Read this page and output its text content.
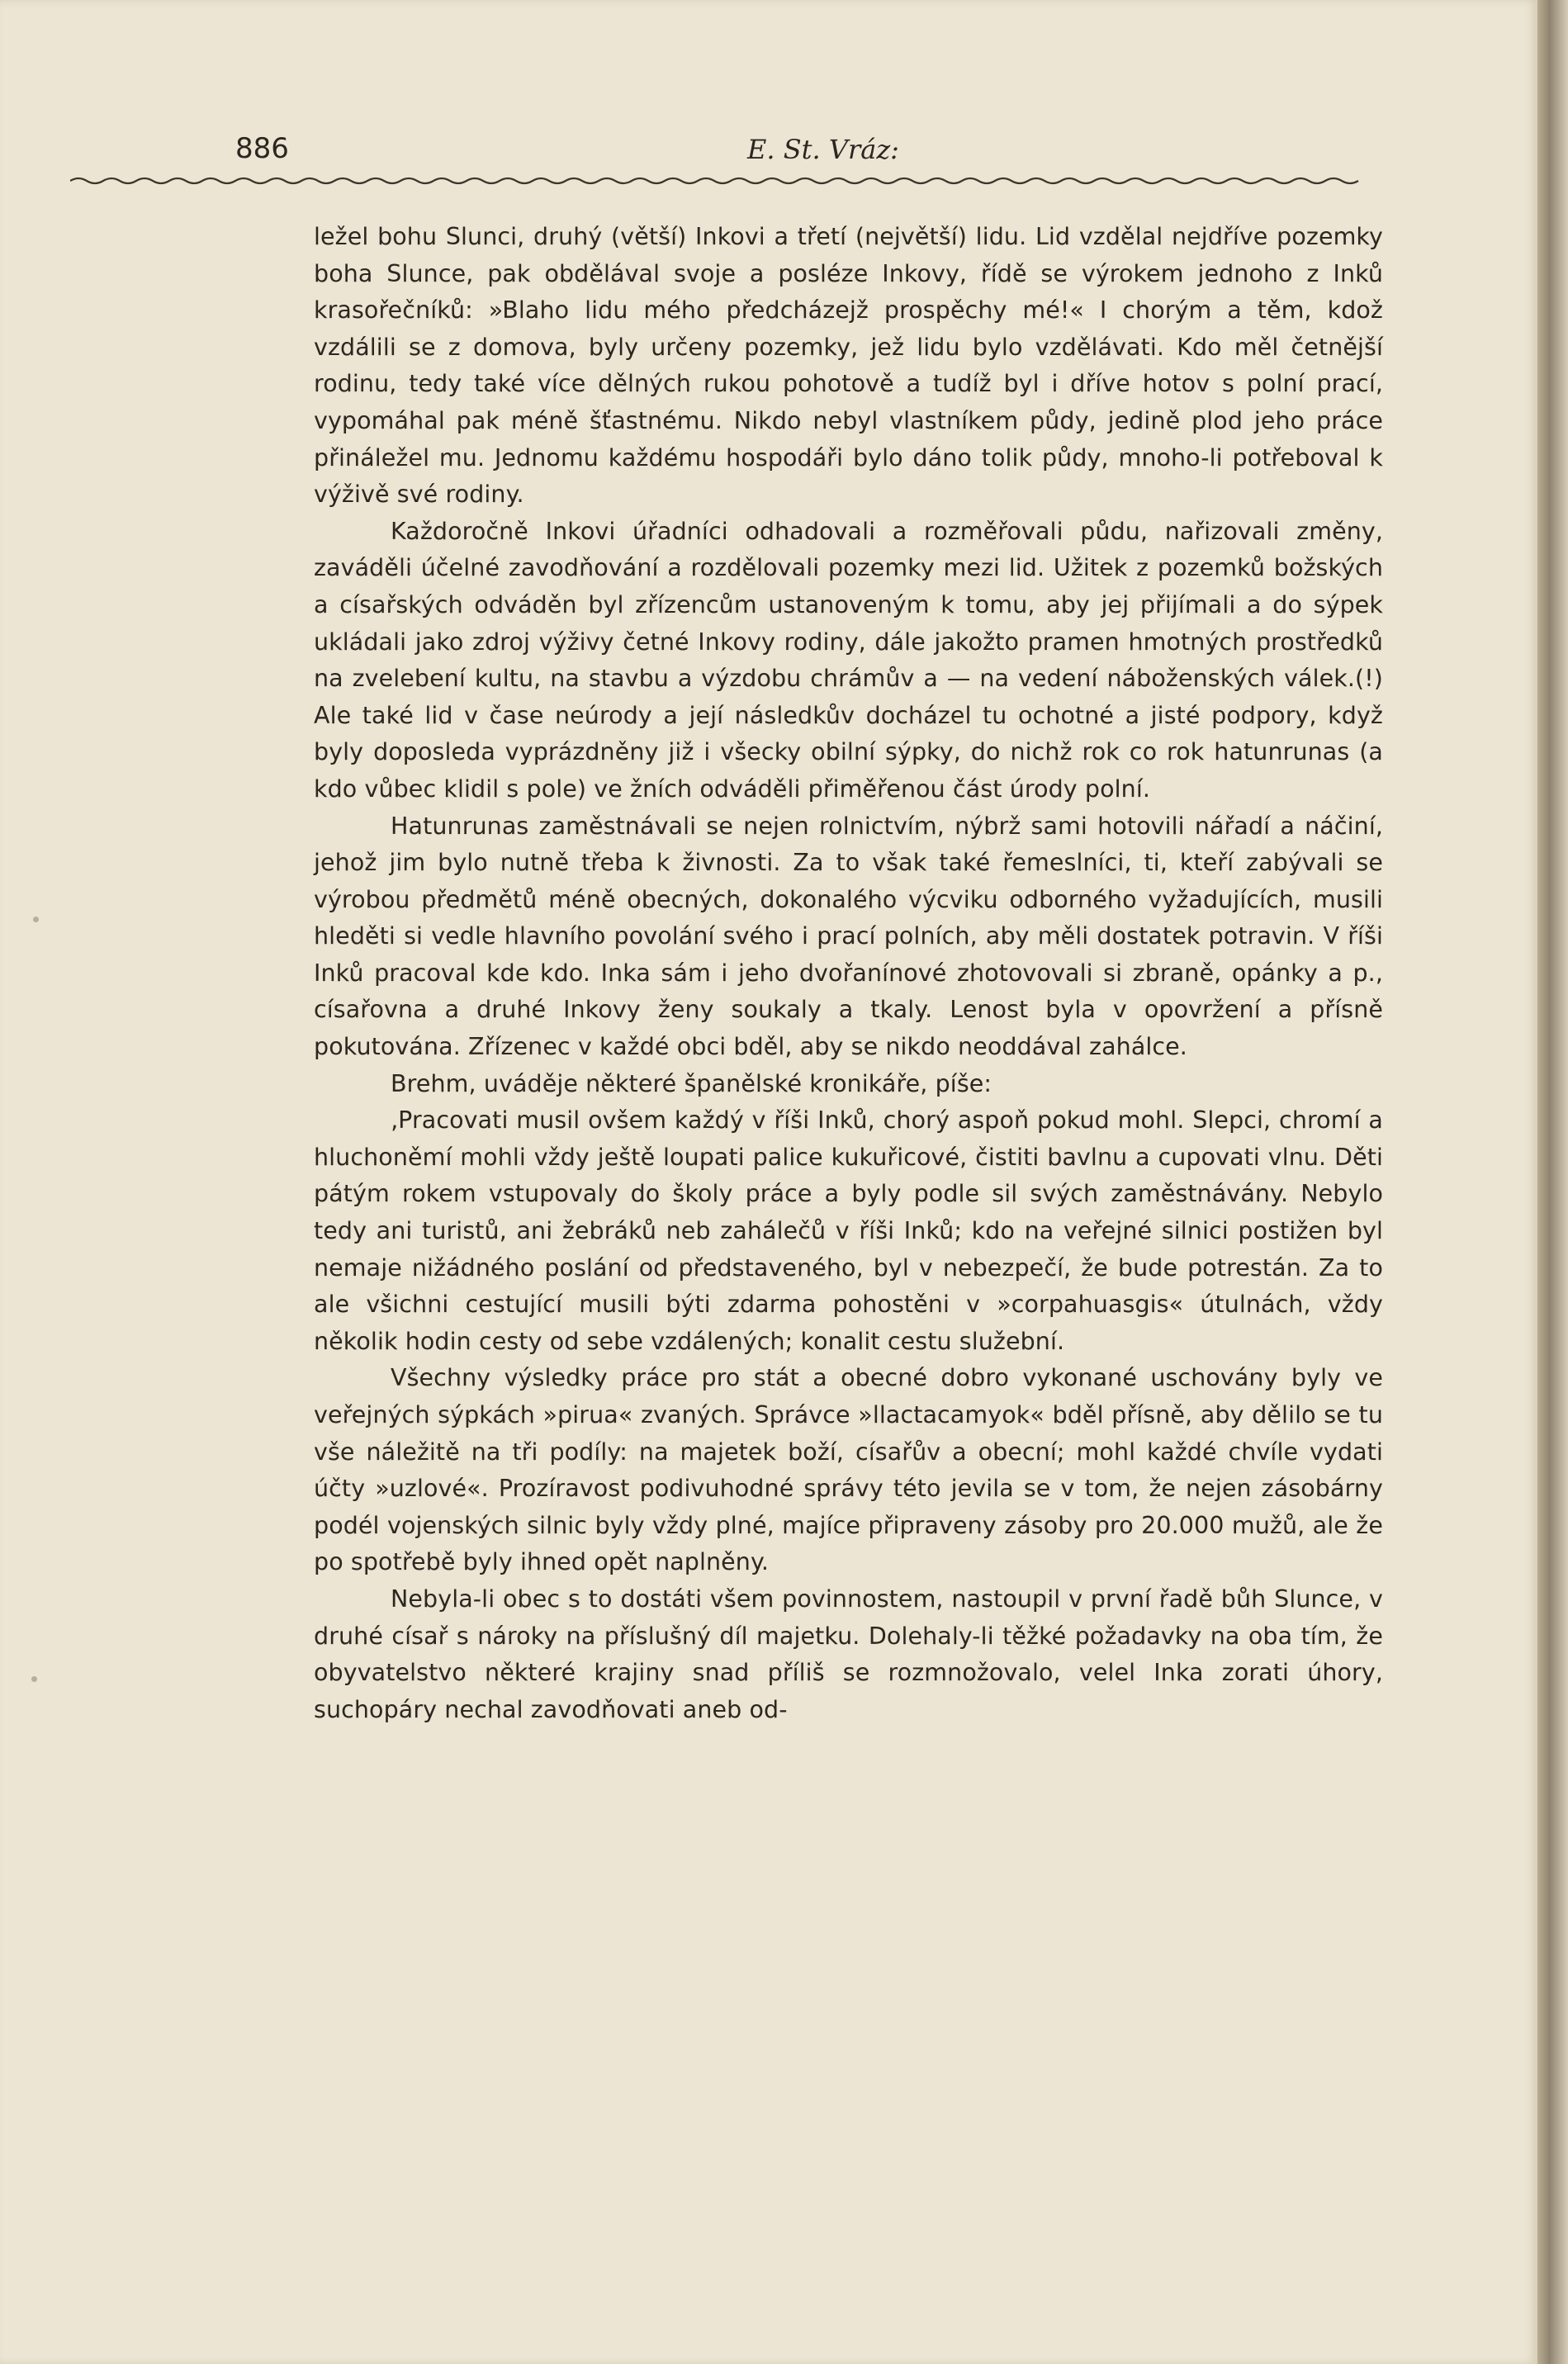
886	E. St. Vráz:

ležel bohu Slunci, druhý (větší) Inkovi a třetí (největší) lidu. Lid vzdělal nejdříve pozemky boha Slunce, pak obdělával svoje a posléze Inkovy, řídě se výrokem jednoho z Inků krasořečníků: »Blaho lidu mého předcházejž prospěchy mé!« I chorým a těm, kdož vzdálili se z domova, byly určeny pozemky, jež lidu bylo vzdělávati. Kdo měl četnější rodinu, tedy také více dělných rukou pohotově a tudíž byl i dříve hotov s polní prací, vypomáhal pak méně šťastnému. Nikdo nebyl vlastníkem půdy, jedině plod jeho práce přináležel mu. Jednomu každému hospodáři bylo dáno tolik půdy, mnoho-li potřeboval k výživě své rodiny.

Každoročně Inkovi úřadníci odhadovali a rozměřovali půdu, nařizovali změny, zaváděli účelné zavodňování a rozdělovali pozemky mezi lid. Užitek z pozemků božských a císařských odváděn byl zřízencům ustanoveným k tomu, aby jej přijímali a do sýpek ukládali jako zdroj výživy četné Inkovy rodiny, dále jakožto pramen hmotných prostředků na zvelebení kultu, na stavbu a výzdobu chrámův a — na vedení náboženských válek.(!) Ale také lid v čase neúrody a její následkův docházel tu ochotné a jisté podpory, když byly doposleda vyprázdněny již i všecky obilní sýpky, do nichž rok co rok hatunrunas (a kdo vůbec klidil s pole) ve žních odváděli přiměřenou část úrody polní.

Hatunrunas zaměstnávali se nejen rolnictvím, nýbrž sami hotovili nářadí a náčiní, jehož jim bylo nutně třeba k živnosti. Za to však také řemeslníci, ti, kteří zabývali se výrobou předmětů méně obecných, dokonalého výcviku odborného vyžadujících, musili hleděti si vedle hlavního povolání svého i prací polních, aby měli dostatek potravin. V říši Inků pracoval kde kdo. Inka sám i jeho dvořanínové zhotovovali si zbraně, opánky a p., císařovna a druhé Inkovy ženy soukaly a tkaly. Lenost byla v opovržení a přísně pokutována. Zřízenec v každé obci bděl, aby se nikdo neoddával zahálce.

Brehm, uváděje některé španělské kronikáře, píše:

‚Pracovati musil ovšem každý v říši Inků, chorý aspoň pokud mohl. Slepci, chromí a hluchoněmí mohli vždy ještě loupati palice kukuřicové, čistiti bavlnu a cupovati vlnu. Děti pátým rokem vstupovaly do školy práce a byly podle sil svých zaměstnávány. Nebylo tedy ani turistů, ani žebráků neb zahálečů v říši Inků; kdo na veřejné silnici postižen byl nemaje nižádného poslání od představeného, byl v nebezpečí, že bude potrestán. Za to ale všichni cestující musili býti zdarma pohostěni v »corpahuasgis« útulnách, vždy několik hodin cesty od sebe vzdálených; konalit cestu služební.

Všechny výsledky práce pro stát a obecné dobro vykonané uschovány byly ve veřejných sýpkách »pirua« zvaných. Správce »llactacamyok« bděl přísně, aby dělilo se tu vše náležitě na tři podíly: na majetek boží, císařův a obecní; mohl každé chvíle vydati účty »uzlové«. Prozíravost podivuhodné správy této jevila se v tom, že nejen zásobárny podél vojenských silnic byly vždy plné, majíce připraveny zásoby pro 20.000 mužů, ale že po spotřebě byly ihned opět naplněny.

Nebyla-li obec s to dostáti všem povinnostem, nastoupil v první řadě bůh Slunce, v druhé císař s nároky na příslušný díl majetku. Dolehaly-li těžké požadavky na oba tím, že obyvatelstvo některé krajiny snad příliš se rozmnožovalo, velel Inka zorati úhory, suchopáry nechal zavodňovati aneb od-
